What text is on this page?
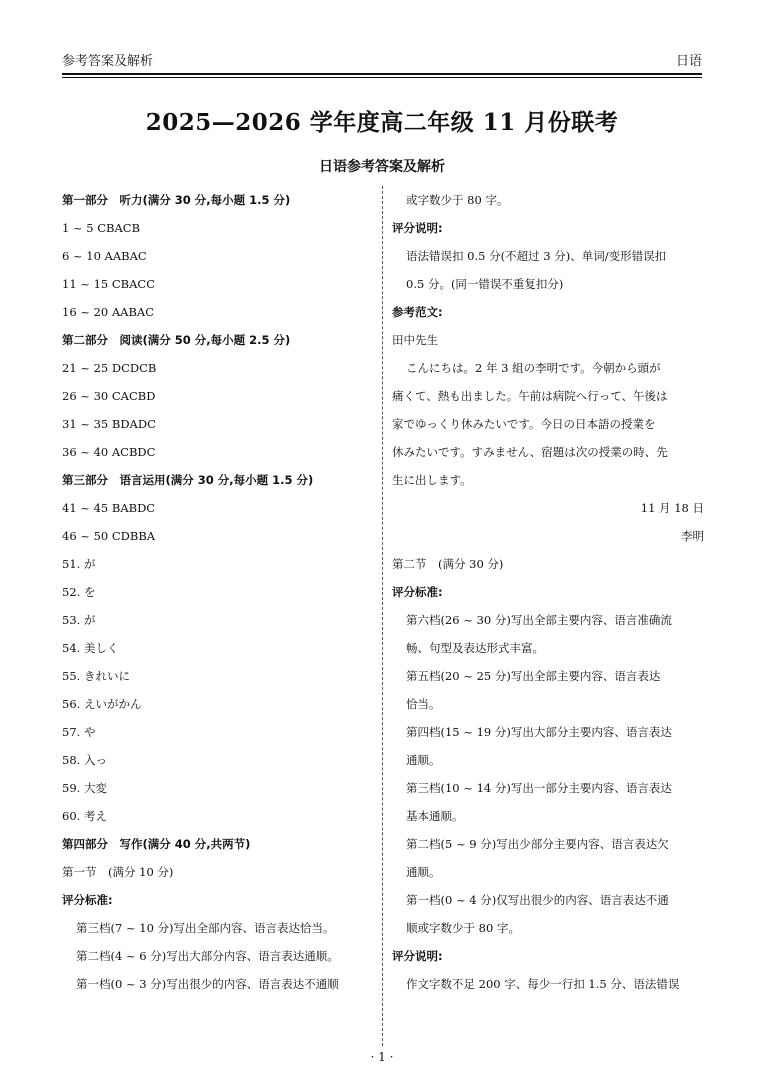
参考答案及解析	日语
2025—2026 学年度高二年级 11 月份联考
日语参考答案及解析
第一部分　听力(满分 30 分,每小题 1.5 分)
1 ~ 5 CBACB
6 ~ 10 AABAC
11 ~ 15 CBACC
16 ~ 20 AABAC
第二部分　阅读(满分 50 分,每小题 2.5 分)
21 ~ 25 DCDCB
26 ~ 30 CACBD
31 ~ 35 BDADC
36 ~ 40 ACBDC
第三部分　语言运用(满分 30 分,每小题 1.5 分)
41 ~ 45 BABDC
46 ~ 50 CDBBA
51. が
52. を
53. が
54. 美しく
55. きれいに
56. えいがかん
57. や
58. 入っ
59. 大変
60. 考え
第四部分　写作(满分 40 分,共两节)
第一节　(满分 10 分)
评分标准:
第三档(7 ~ 10 分)写出全部内容、语言表达恰当。
第二档(4 ~ 6 分)写出大部分内容、语言表达通顺。
第一档(0 ~ 3 分)写出很少的内容、语言表达不通顺
或字数少于 80 字。
评分说明:
语法错误扣 0.5 分(不超过 3 分)、单词/变形错误扣
0.5 分。(同一错误不重复扣分)
参考范文:
田中先生
こんにちは。2 年 3 組の李明です。今朝から頭が
痛くて、熱も出ました。午前は病院へ行って、午後は
家でゆっくり休みたいです。今日の日本語の授業を
休みたいです。すみません、宿題は次の授業の時、先
生に出します。
11 月 18 日
李明
第二节　(满分 30 分)
评分标准:
第六档(26 ~ 30 分)写出全部主要内容、语言准确流
畅、句型及表达形式丰富。
第五档(20 ~ 25 分)写出全部主要内容、语言表达
恰当。
第四档(15 ~ 19 分)写出大部分主要内容、语言表达
通顺。
第三档(10 ~ 14 分)写出一部分主要内容、语言表达
基本通顺。
第二档(5 ~ 9 分)写出少部分主要内容、语言表达欠
通顺。
第一档(0 ~ 4 分)仅写出很少的内容、语言表达不通
顺或字数少于 80 字。
评分说明:
作文字数不足 200 字、每少一行扣 1.5 分、语法错误
· 1 ·
